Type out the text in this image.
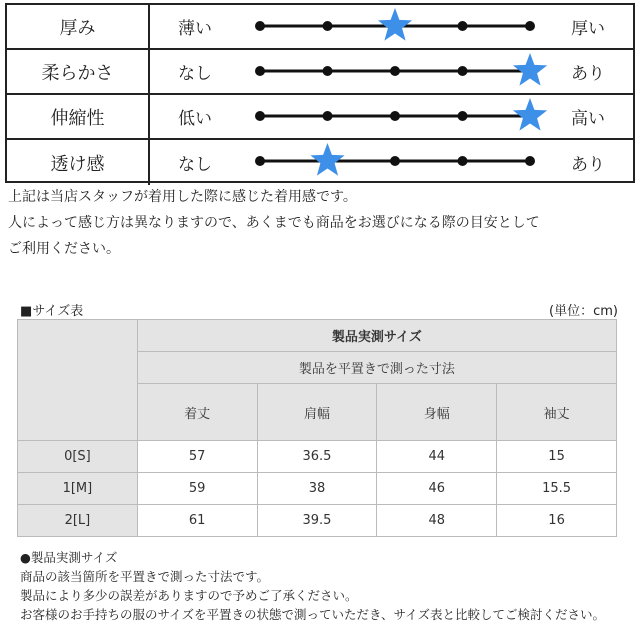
厚み	薄い	厚い
柔らかさ	なし	あり
伸縮性	低い	高い
透け感	なし	あり
上記は当店スタッフが着用した際に感じた着用感です。
人によって感じ方は異なりますので、あくまでも商品をお選びになる際の目安として
ご利用ください。
■サイズ表	(単位：cm)
	製品実測サイズ			
	製品を平置きで測った寸法			
	着丈	肩幅	身幅	袖丈
0[S]	57	36.5	44	15
1[M]	59	38	46	15.5
2[L]	61	39.5	48	16
●製品実測サイズ
商品の該当箇所を平置きで測った寸法です。
製品により多少の誤差がありますので予めご了承ください。
お客様のお手持ちの服のサイズを平置きの状態で測っていただき、サイズ表と比較してご検討ください。
